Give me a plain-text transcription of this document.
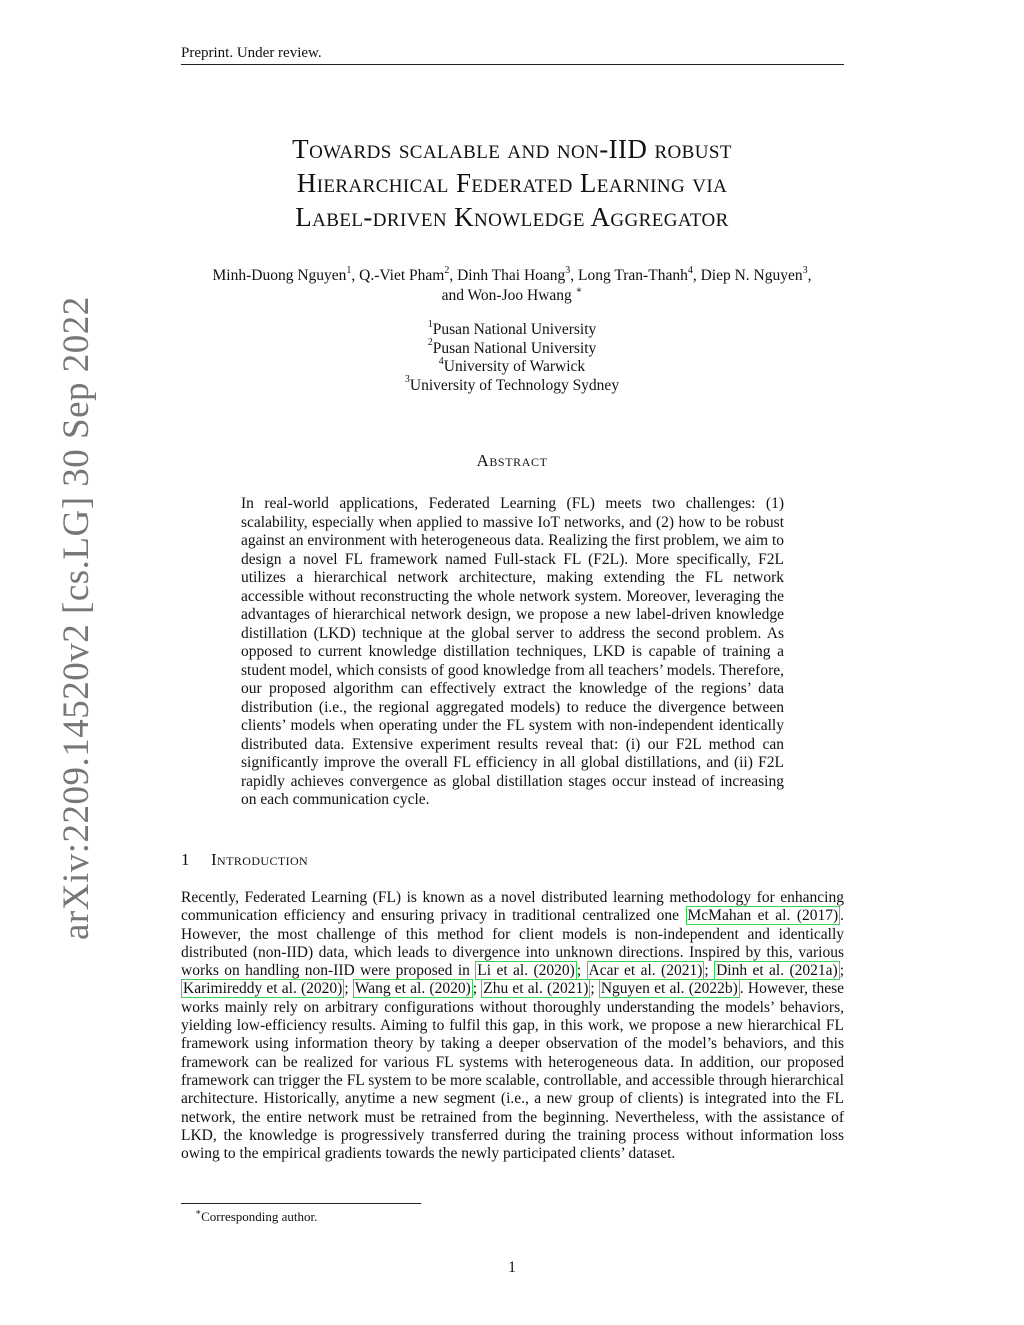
Preprint. Under review.
arXiv:2209.14520v2 [cs.LG] 30 Sep 2022
Towards scalable and non-IID robust
Hierarchical Federated Learning via
Label-driven Knowledge Aggregator
Minh-Duong Nguyen$^1$, Q.-Viet Pham$^2$, Dinh Thai Hoang$^3$, Long Tran-Thanh$^4$, Diep N. Nguyen$^3$,
and Won-Joo Hwang ∗
$^1$Pusan National University
$^2$Pusan National University
$^4$University of Warwick
$^3$University of Technology Sydney
Abstract
In real-world applications, Federated Learning (FL) meets two challenges: (1) scalability, especially when applied to massive IoT networks, and (2) how to be robust against an environment with heterogeneous data. Realizing the first problem, we aim to design a novel FL framework named Full-stack FL (F2L). More specifically, F2L utilizes a hierarchical network architecture, making extending the FL network accessible without reconstructing the whole network system. Moreover, leveraging the advantages of hierarchical network design, we propose a new label-driven knowledge distillation (LKD) technique at the global server to address the second problem. As opposed to current knowledge distillation techniques, LKD is capable of training a student model, which consists of good knowledge from all teachers’ models. Therefore, our proposed algorithm can effectively extract the knowledge of the regions’ data distribution (i.e., the regional aggregated models) to reduce the divergence between clients’ models when operating under the FL system with non-independent identically distributed data. Extensive experiment results reveal that: (i) our F2L method can significantly improve the overall FL efficiency in all global distillations, and (ii) F2L rapidly achieves convergence as global distillation stages occur instead of increasing on each communication cycle.
1 Introduction
Recently, Federated Learning (FL) is known as a novel distributed learning methodology for enhancing communication efficiency and ensuring privacy in traditional centralized one McMahan et al. (2017) . However, the most challenge of this method for client models is non-independent and identically distributed (non-IID) data, which leads to divergence into unknown directions. Inspired by this, various works on handling non-IID were proposed in Li et al. (2020) ; Acar et al. (2021) ; Dinh et al. (2021a) ; Karimireddy et al. (2020) ; Wang et al. (2020) ; Zhu et al. (2021) ; Nguyen et al. (2022b) . However, these works mainly rely on arbitrary configurations without thoroughly understanding the models’ behaviors, yielding low-efficiency results. Aiming to fulfil this gap, in this work, we propose a new hierarchical FL framework using information theory by taking a deeper observation of the model’s behaviors, and this framework can be realized for various FL systems with heterogeneous data. In addition, our proposed framework can trigger the FL system to be more scalable, controllable, and accessible through hierarchical architecture. Historically, anytime a new segment (i.e., a new group of clients) is integrated into the FL network, the entire network must be retrained from the beginning. Nevertheless, with the assistance of LKD, the knowledge is progressively transferred during the training process without information loss owing to the empirical gradients towards the newly participated clients’ dataset.
∗Corresponding author.
1
